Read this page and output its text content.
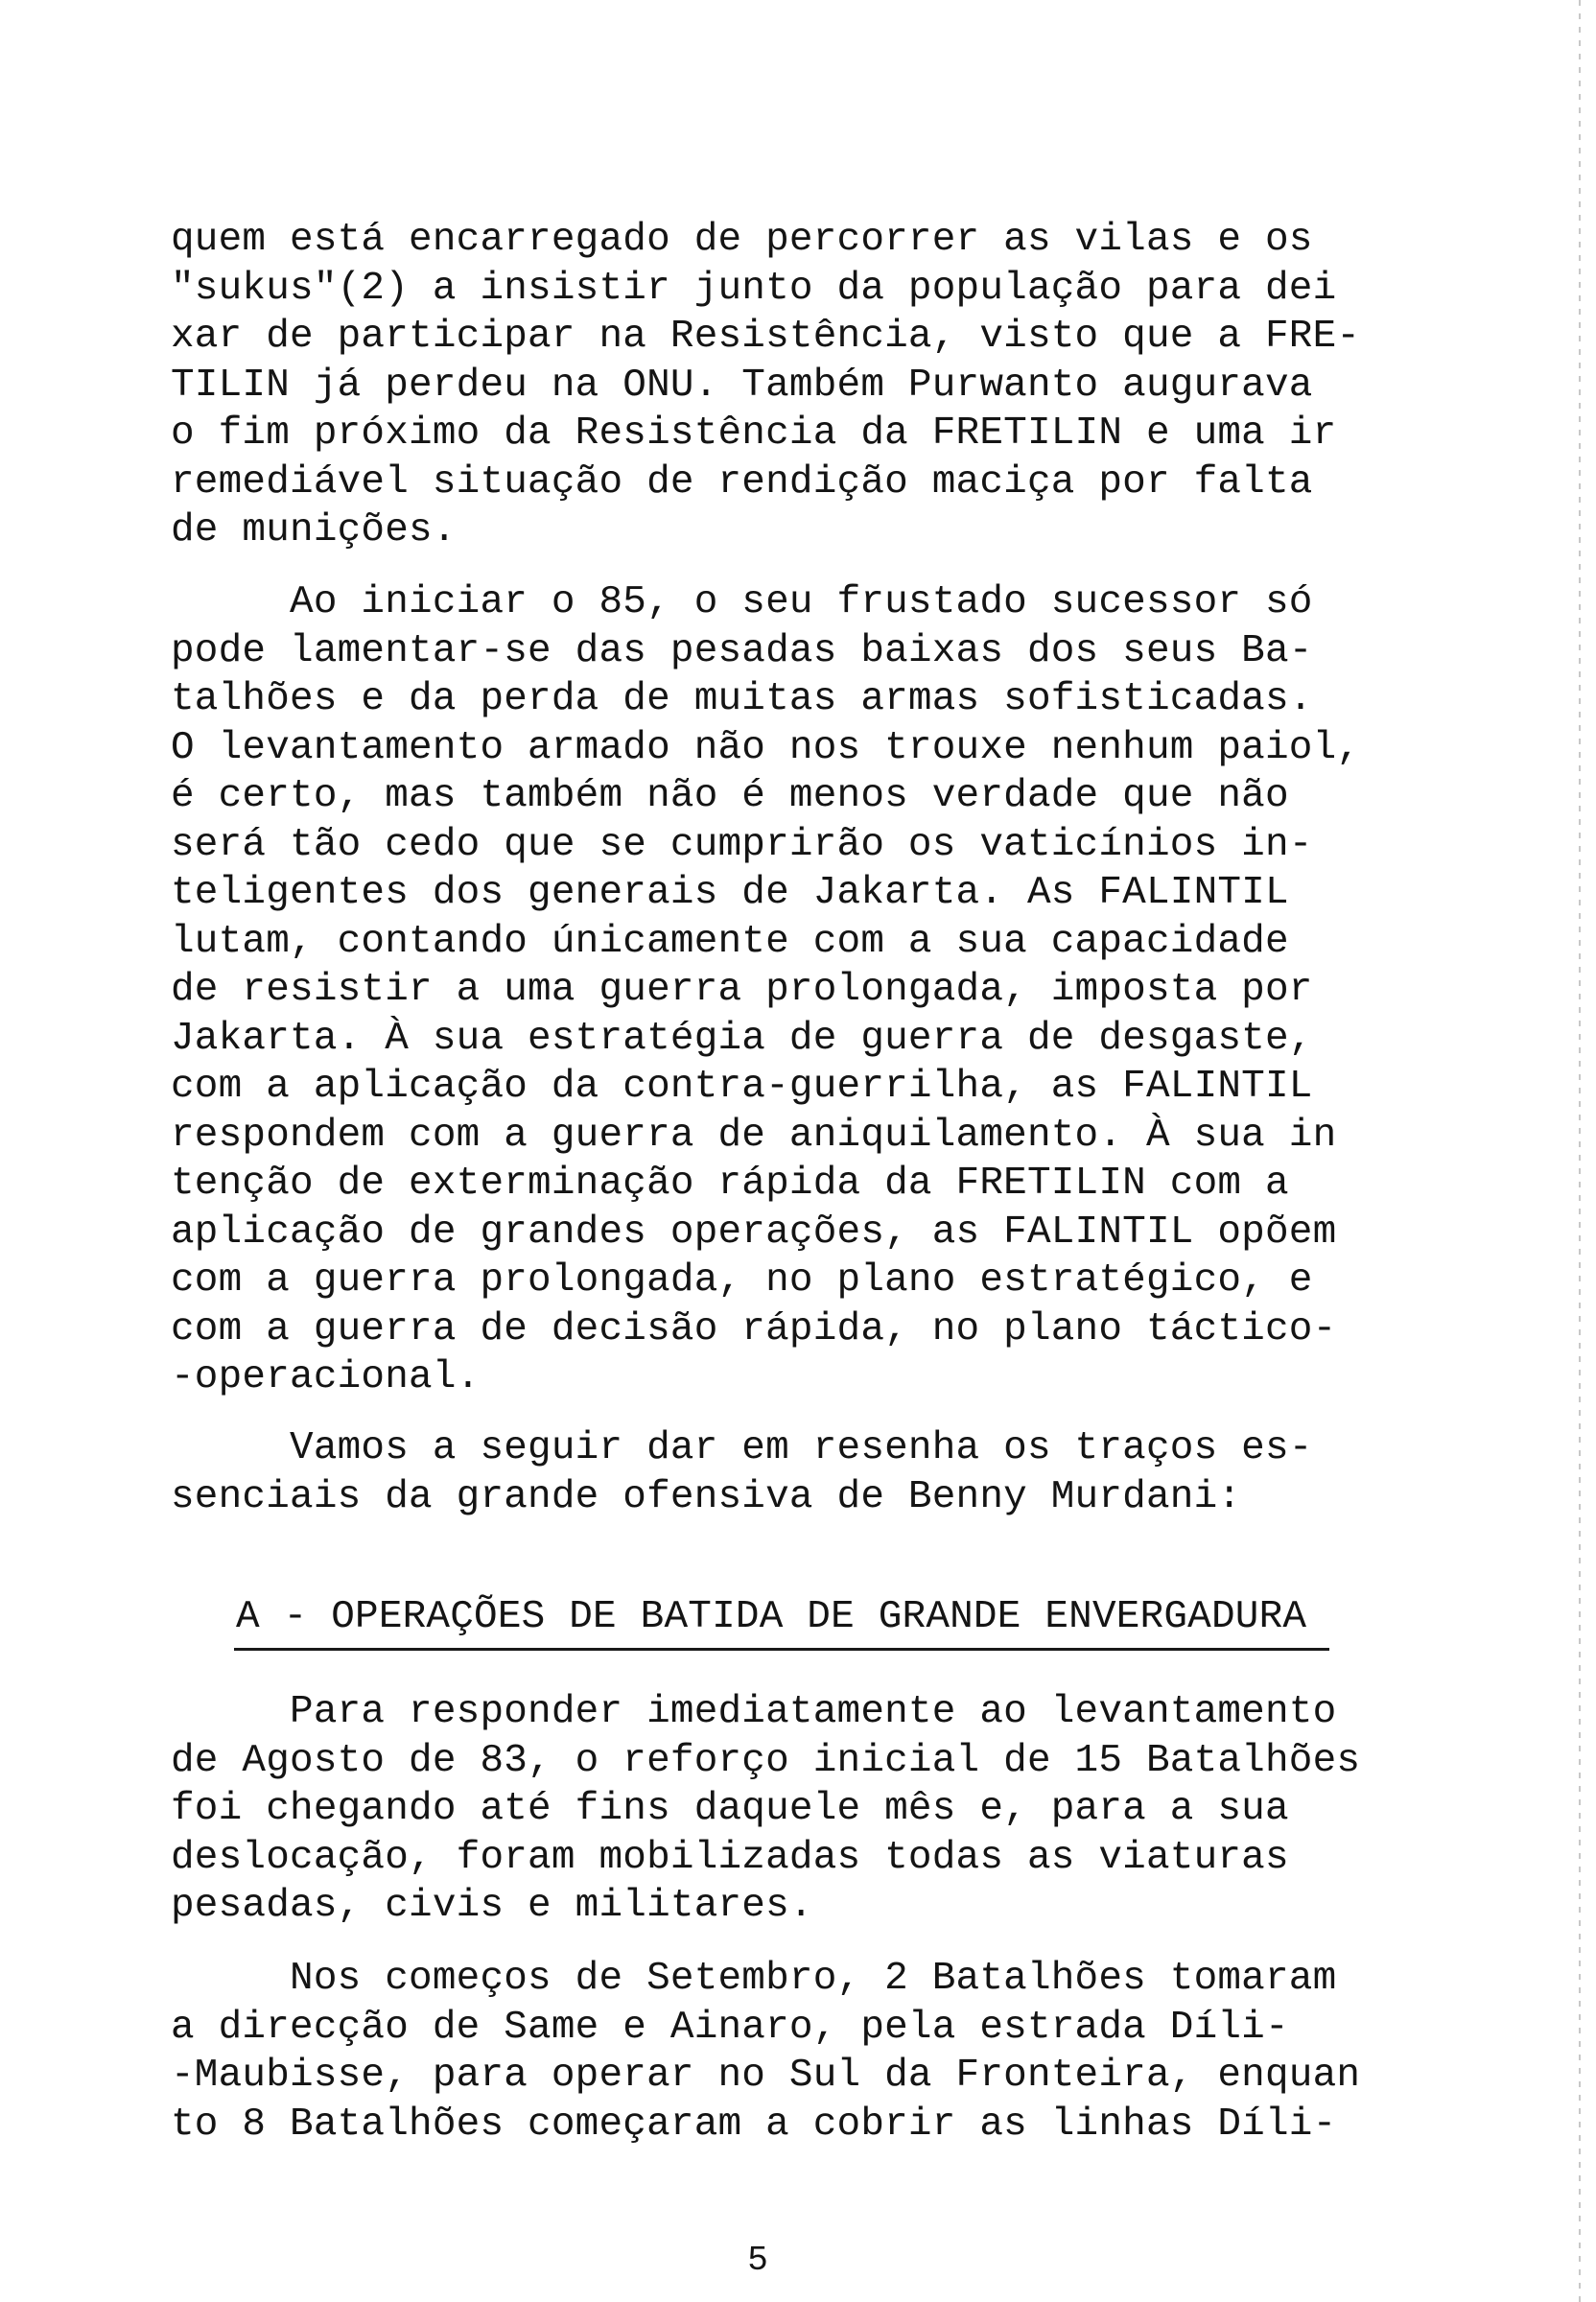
quem está encarregado de percorrer as vilas e os
"sukus"(2) a insistir junto da população para dei
xar de participar na Resistência, visto que a FRE-
TILIN já perdeu na ONU. Também Purwanto augurava
o fim próximo da Resistência da FRETILIN e uma ir
remediável situação de rendição maciça por falta
de munições.
Ao iniciar o 85, o seu frustado sucessor só
pode lamentar-se das pesadas baixas dos seus Ba-
talhões e da perda de muitas armas sofisticadas.
O levantamento armado não nos trouxe nenhum paiol,
é certo, mas também não é menos verdade que não
será tão cedo que se cumprirão os vaticínios in-
teligentes dos generais de Jakarta. As FALINTIL
lutam, contando únicamente com a sua capacidade
de resistir a uma guerra prolongada, imposta por
Jakarta. À sua estratégia de guerra de desgaste,
com a aplicação da contra-guerrilha, as FALINTIL
respondem com a guerra de aniquilamento. À sua in
tenção de exterminação rápida da FRETILIN com a
aplicação de grandes operações, as FALINTIL opõem
com a guerra prolongada, no plano estratégico, e
com a guerra de decisão rápida, no plano táctico-
-operacional.
Vamos a seguir dar em resenha os traços es-
senciais da grande ofensiva de Benny Murdani:
A - OPERAÇÕES DE BATIDA DE GRANDE ENVERGADURA
Para responder imediatamente ao levantamento
de Agosto de 83, o reforço inicial de 15 Batalhões
foi chegando até fins daquele mês e, para a sua
deslocação, foram mobilizadas todas as viaturas
pesadas, civis e militares.
Nos começos de Setembro, 2 Batalhões tomaram
a direcção de Same e Ainaro, pela estrada Díli-
-Maubisse, para operar no Sul da Fronteira, enquan
to 8 Batalhões começaram a cobrir as linhas Díli-
5
